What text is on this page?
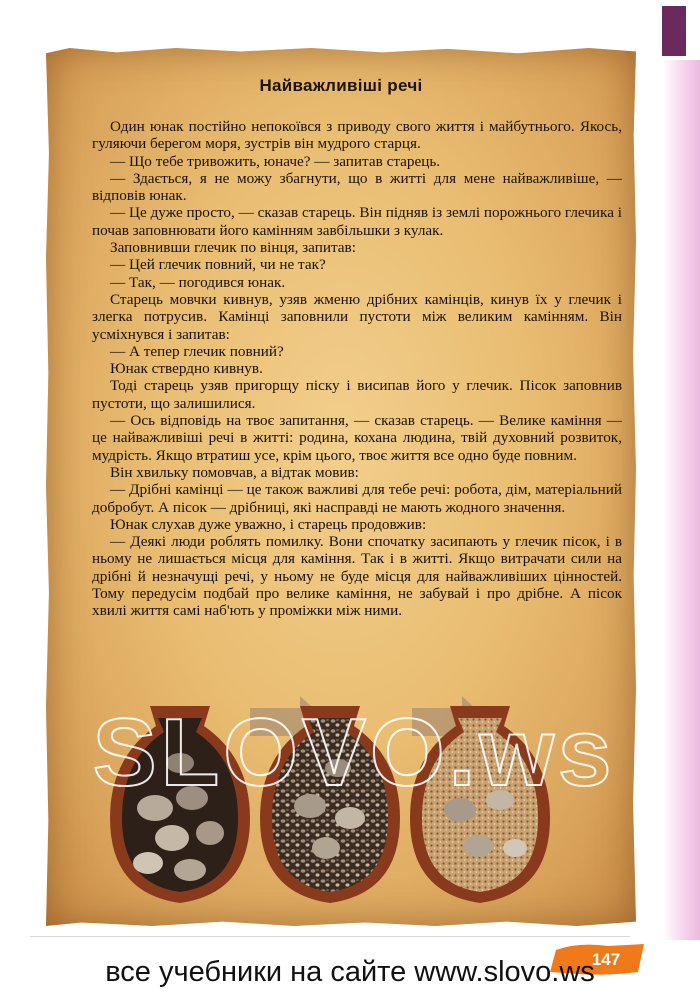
Найважливіші речі

Один юнак постійно непокоївся з приводу свого життя і майбутнього. Якось, гуляючи берегом моря, зустрів він мудрого старця.

— Що тебе тривожить, юначе? — запитав старець.

— Здається, я не можу збагнути, що в житті для мене найважливіше, — відповів юнак.

— Це дуже просто, — сказав старець. Він підняв із землі порожнього глечика і почав заповнювати його камінням завбільшки з кулак.

Заповнивши глечик по вінця, запитав:

— Цей глечик повний, чи не так?

— Так, — погодився юнак.

Старець мовчки кивнув, узяв жменю дрібних камінців, кинув їх у глечик і злегка потрусив. Камінці заповнили пустоти між великим камінням. Він усміхнувся і запитав:

— А тепер глечик повний?

Юнак ствердно кивнув.

Тоді старець узяв пригорщу піску і висипав його у глечик. Пісок заповнив пустоти, що залишилися.

— Ось відповідь на твоє запитання, — сказав старець. — Велике каміння — це найважливіші речі в житті: родина, кохана людина, твій духовний розвиток, мудрість. Якщо втратиш усе, крім цього, твоє життя все одно буде повним.

Він хвильку помовчав, а відтак мовив:

— Дрібні камінці — це також важливі для тебе речі: робота, дім, матеріальний добробут. А пісок — дрібниці, які насправді не мають жодного значення.

Юнак слухав дуже уважно, і старець продовжив:

— Деякі люди роблять помилку. Вони спочатку засипають у глечик пісок, і в ньому не лишається місця для каміння. Так і в житті. Якщо витрачати сили на дрібні й незначущі речі, у ньому не буде місця для найважливіших цінностей. Тому передусім подбай про велике каміння, не забувай і про дрібне. А пісок хвилі життя самі наб'ють у проміжки між ними.

SLOVO.ws
147
все учебники на сайте www.slovo.ws
